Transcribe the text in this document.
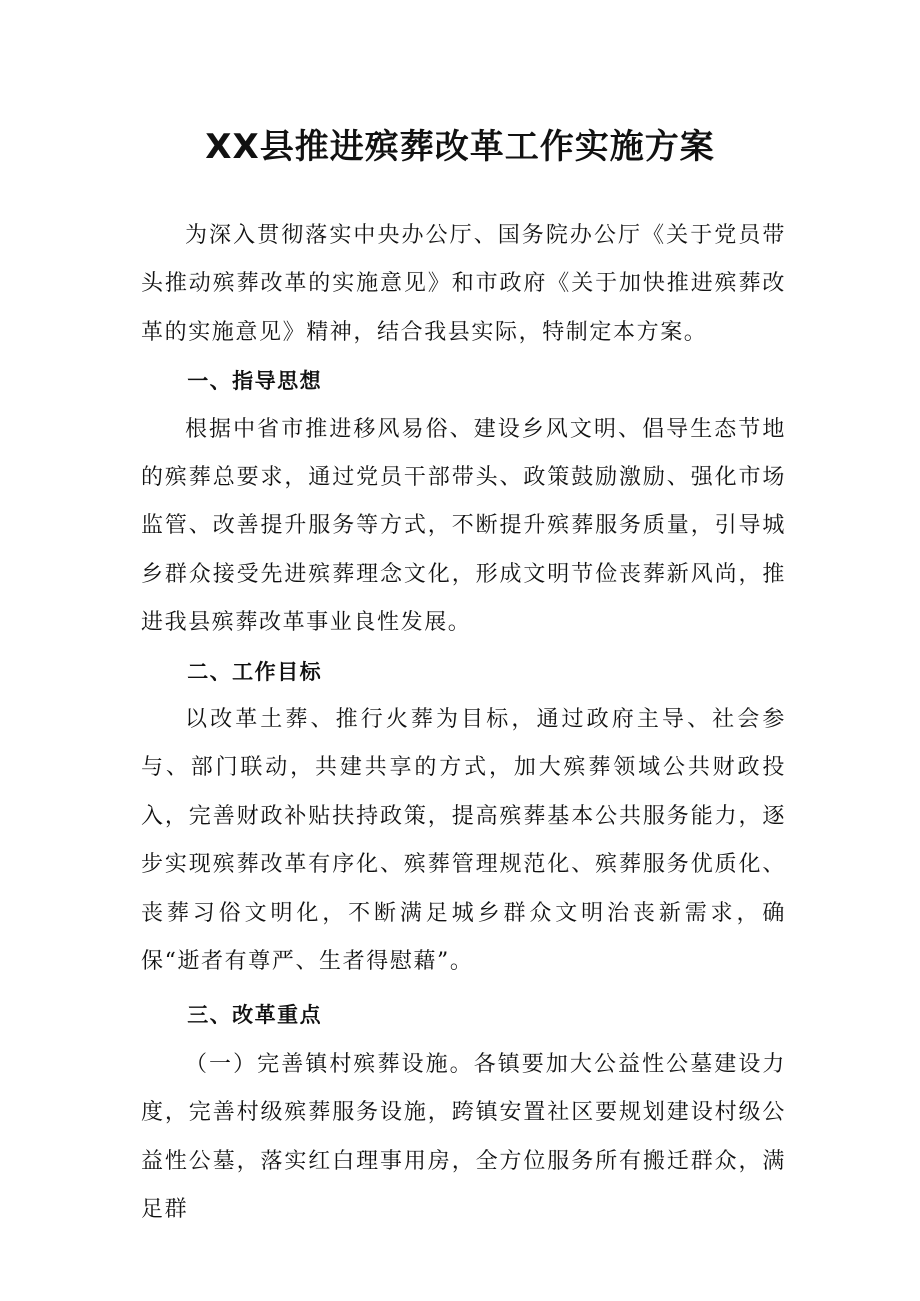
XX县推进殡葬改革工作实施方案

为深入贯彻落实中央办公厅、国务院办公厅《关于党员带头推动殡葬改革的实施意见》和市政府《关于加快推进殡葬改革的实施意见》精神，结合我县实际，特制定本方案。

一、指导思想

根据中省市推进移风易俗、建设乡风文明、倡导生态节地的殡葬总要求，通过党员干部带头、政策鼓励激励、强化市场监管、改善提升服务等方式，不断提升殡葬服务质量，引导城乡群众接受先进殡葬理念文化，形成文明节俭丧葬新风尚，推进我县殡葬改革事业良性发展。

二、工作目标

以改革土葬、推行火葬为目标，通过政府主导、社会参与、部门联动，共建共享的方式，加大殡葬领域公共财政投入，完善财政补贴扶持政策，提高殡葬基本公共服务能力，逐步实现殡葬改革有序化、殡葬管理规范化、殡葬服务优质化、丧葬习俗文明化，不断满足城乡群众文明治丧新需求，确保“逝者有尊严、生者得慰藉”。

三、改革重点

（一）完善镇村殡葬设施。各镇要加大公益性公墓建设力度，完善村级殡葬服务设施，跨镇安置社区要规划建设村级公益性公墓，落实红白理事用房，全方位服务所有搬迁群众，满足群
